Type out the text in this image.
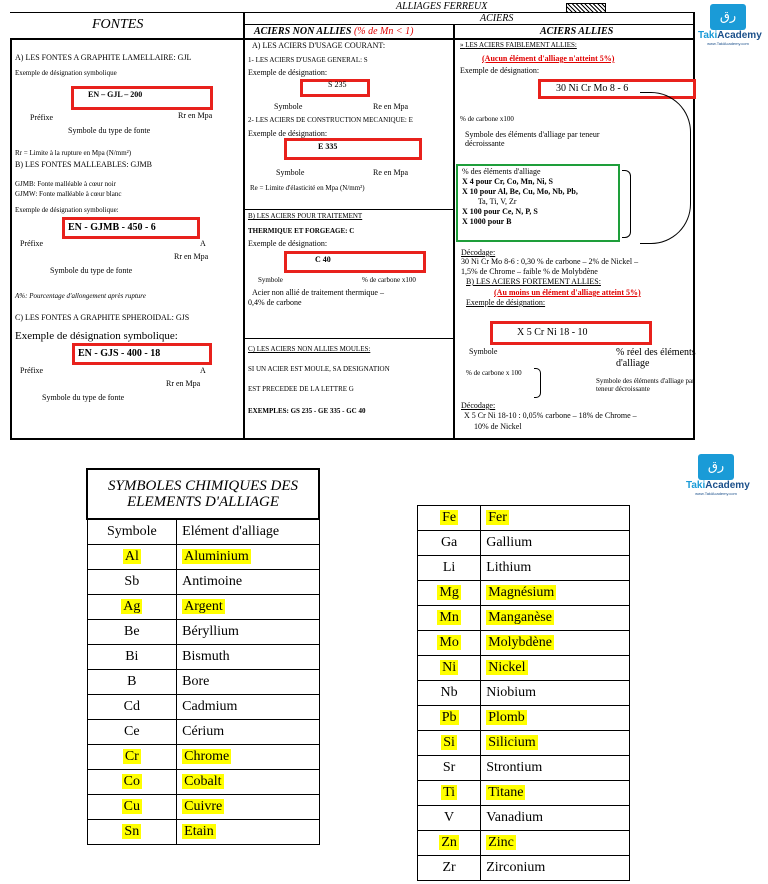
ALLIAGES FERREUX
ACIERS
FONTES	ACIERS NON ALLIES (% de Mn < 1)	ACIERS ALLIES
A) LES FONTES A GRAPHITE LAMELLAIRE: GJL
Exemple de désignation symbolique
EN – GJL – 200
Préfixe	Rr en Mpa
Symbole du type de fonte
Rr = Limite à la rupture en Mpa (N/mm²)
B) LES FONTES MALLEABLES: GJMB
GJMB: Fonte malléable à cœur noir
GJMW: Fonte malléable à cœur blanc
Exemple de désignation symbolique:
EN - GJMB - 450 - 6
Préfixe	A
Rr en Mpa
Symbole du type de fonte
A%: Pourcentage d'allongement après rupture
C) LES FONTES A GRAPHITE SPHEROIDAL: GJS
Exemple de désignation symbolique:
EN - GJS - 400 - 18
Préfixe	A
Rr en Mpa
Symbole du type de fonte
A) LES ACIERS D'USAGE COURANT:
1- LES ACIERS D'USAGE GENERAL: S
Exemple de désignation:
S 235
Symbole	Re en Mpa
2- LES ACIERS DE CONSTRUCTION MECANIQUE: E
Exemple de désignation:
E 335
Symbole	Re en Mpa
Re = Limite d'élasticité en Mpa (N/mm²)
B) LES ACIERS POUR TRAITEMENT
THERMIQUE ET FORGEAGE: C
Exemple de désignation:
C 40
Symbole	% de carbone x100
Acier non allié de traitement thermique –
0,4% de carbone
C) LES ACIERS NON ALLIES MOULES:
SI UN ACIER EST MOULE, SA DESIGNATION
EST PRECEDEE DE LA LETTRE G
EXEMPLES: GS 235 - GE 335 - GC 40
» LES ACIERS FAIBLEMENT ALLIES:
(Aucun élément d'alliage n'atteint 5%)
Exemple de désignation:
30 Ni Cr Mo 8 - 6
% de carbone x100
Symbole des éléments d'alliage par teneur décroissante
% des éléments d'alliage
X 4 pour Cr, Co, Mn, Ni, S
X 10 pour Al, Be, Cu, Mo, Nb, Pb,
Ta, Ti, V, Zr
X 100 pour Ce, N, P, S
X 1000 pour B
Décodage:
30 Ni Cr Mo 8-6 : 0,30 % de carbone – 2% de Nickel –
1,5% de Chrome – faible % de Molybdène
B) LES ACIERS FORTEMENT ALLIES:
(Au moins un élément d'alliage atteint 5%)
Exemple de désignation:
X 5 Cr Ni 18 - 10
Symbole	% réel des éléments d'alliage
% de carbone x 100
Symbole des éléments d'alliage par teneur décroissante
Décodage:
X 5 Cr Ni 18-10 : 0,05% carbone – 18% de Chrome –
10% de Nickel
رق
TakiAcademy
www.TakiAcademy.com
رق
TakiAcademy
www.TakiAcademy.com
SYMBOLES CHIMIQUES DES ELEMENTS D'ALLIAGE	
Symbole	Elément d'alliage
Al	Aluminium
Sb	Antimoine
Ag	Argent
Be	Béryllium
Bi	Bismuth
B	Bore
Cd	Cadmium
Ce	Cérium
Cr	Chrome
Co	Cobalt
Cu	Cuivre
Sn	Etain
Fe	Fer
Ga	Gallium
Li	Lithium
Mg	Magnésium
Mn	Manganèse
Mo	Molybdène
Ni	Nickel
Nb	Niobium
Pb	Plomb
Si	Silicium
Sr	Strontium
Ti	Titane
V	Vanadium
Zn	Zinc
Zr	Zirconium
